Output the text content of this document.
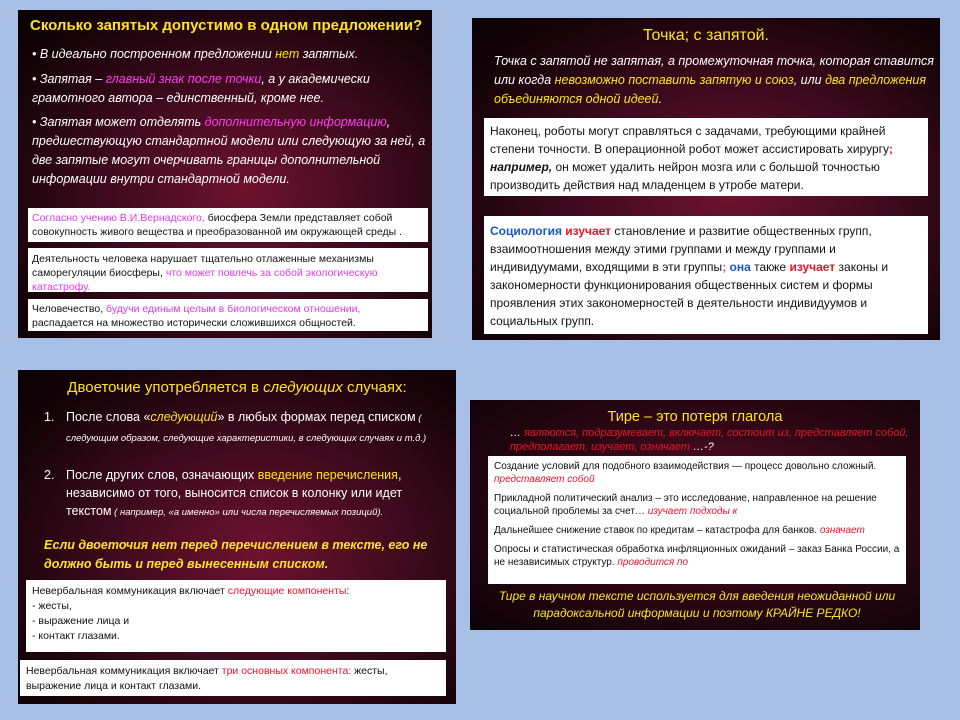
Сколько запятых допустимо в одном предложении?
• В идеально построенном предложении нет запятых.
• Запятая – главный знак после точки, а у академически грамотного автора – единственный, кроме нее.
• Запятая может отделять дополнительную информацию, предшествующую стандартной модели или следующую за ней, а две запятые могут очерчивать границы дополнительной информации внутри стандартной модели.
Согласно учению В.И.Вернадского, биосфера Земли представляет собой совокупность живого вещества и преобразованной им окружающей среды .
Деятельность человека нарушает тщательно отлаженные механизмы саморегуляции биосферы, что может повлечь за собой экологическую катастрофу.
Человечество, будучи единым целым в биологическом отношении, распадается на множество исторически сложившихся общностей.
Точка; с запятой.
Точка с запятой не запятая, а промежуточная точка, которая ставится или когда невозможно поставить запятую и союз, или два предложения объединяются одной идеей.
Наконец, роботы могут справляться с задачами, требующими крайней степени точности. В операционной робот может ассистировать хирургу; например, он может удалить нейрон мозга или с большой точностью производить действия над младенцем в утробе матери.
Социология изучает становление и развитие общественных групп, взаимоотношения между этими группами и между группами и индивидуумами, входящими в эти группы; она также изучает законы и закономерности функционирования общественных систем и формы проявления этих закономерностей в деятельности индивидуумов и социальных групп.
Двоеточие употребляется в следующих случаях:
1. После слова «следующий» в любых формах перед списком ( следующим образом, следующие характеристики, в следующих случаях и т.д.)
2. После других слов, означающих введение перечисления, независимо от того, выносится список в колонку или идет текстом ( например, «а именно» или числа перечисляемых позиций).
Если двоеточия нет перед перечислением в тексте, его не должно быть и перед вынесенным списком.
Невербальная коммуникация включает следующие компоненты:
- жесты,
- выражение лица и
- контакт глазами.
Невербальная коммуникация включает три основных компонента: жесты, выражение лица и контакт глазами.
Тире – это потеря глагола
… являются, подразумевает, включает, состоит из, представляет собой, предполагает, изучает, означает …-?
Создание условий для подобного взаимодействия — процесс довольно сложный. представляет собой
Прикладной политический анализ – это исследование, направленное на решение социальной проблемы за счет… изучает подходы к
Дальнейшее снижение ставок по кредитам – катастрофа для банков. означает
Опросы и статистическая обработка инфляционных ожиданий – заказ Банка России, а не независимых структур. проводится по
Тире в научном тексте используется для введения неожиданной или парадоксальной информации и поэтому КРАЙНЕ РЕДКО!
